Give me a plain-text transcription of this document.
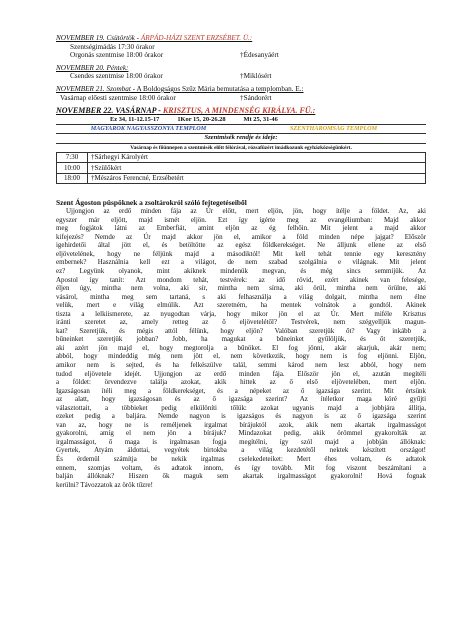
NOVEMBER 19. Csütörtök - ÁRPÁD-HÁZI SZENT ERZSÉBET. Ü.:
Szentségimádás 17:30 órakor
Orgonás szentmise 18:00 órakor	†Édesanyáért
NOVEMBER 20. Péntek:
Csendes szentmise 18:00 órakor	†Miklósért
NOVEMBER 21. Szombat - A Boldogságos Szűz Mária bemutatása a templomban. E.:
Vasárnap előesti szentmise 18:00 órakor	†Sándorért
NOVEMBER 22. VASÁRNAP - KRISZTUS, A MINDENSÉG KIRÁLYA. FÜ.:
Ez 34, 11-12.15-17	1Kor 15, 20-26.28	Mt 25, 31-46
MAGYAROK NAGYASSZONYA TEMPLOM	SZENTHÁROMSÁG TEMPLOM
Szentmisék rendje és ideje:
Vasárnap és főünnepen a szentmisék előtt félórával, rózsafüzért imádkozunk egyházközségünkért.
7:30	†Sárhegyi Károlyért
10:00	†Szülőkért
18:00	†Mészáros Ferencné, Erzsébetért
Szent Ágoston püspöknek a zsoltárokról szóló fejtegetéseiből
Ujjongjon az erdő minden fája az Úr előtt, mert eljön, jön, hogy ítélje a földet. Az, aki
egyszer már eljött, majd ismét eljön. Ezt így ígérte meg az evangéliumban: Majd akkor
meg fogjátok látni az Emberfiát, amint eljön az ég felhőin. Mit jelent a majd akkor
kifejezés? Nemde az Úr majd akkor jön el, amikor a föld minden népe jajgat? Először
igehirdetői által jött el, és betöltötte az egész földkerekséget. Ne álljunk ellene az első
eljövetelének, hogy ne féljünk majd a másodiktól! Mit kell tehát tennie egy keresztény
embernek? Használnia kell ezt a világot, de nem szabad szolgálnia e világnak. Mit jelent
ez? Legyünk olyanok, mint akiknek mindenük megvan, és még sincs semmijük. Az
Apostol így tanít: Azt mondom tehát, testvérek: az idő rövid, ezért akinek van felesége,
éljen úgy, mintha nem volna, aki sír, mintha nem sírna, aki örül, mintha nem örülne, aki
vásárol, mintha meg sem tartaná, s aki felhasználja a világ dolgait, mintha nem élne
velük, mert e világ elmúlik. Azt szeretném, ha mentek volnátok a gondtól. Akinek
tiszta a lelkiismerete, az nyugodtan várja, hogy mikor jön el az Úr. Mert miféle Krisztus
iránti szeretet az, amely retteg az ő eljövetelétől? Testvérek, nem szégyelljük magun-
kat? Szeretjük, és mégis attól félünk, hogy eljön? Valóban szeretjük őt? Vagy inkább a
bűneinket szeretjük jobban? Jobb, ha magukat a bűneinket gyűlöljük, és őt szeretjük,
aki azért jön majd el, hogy megtorolja a bűnöket. El fog jönni, akár akarjuk, akár nem;
abból, hogy mindeddig még nem jött el, nem következik, hogy nem is fog eljönni. Eljön,
amikor nem is sejted, és ha felkészülve talál, semmi károd nem lesz abból, hogy nem
tudod eljövetele idejét. Ujjongjon az erdő minden fája. Először jön el, azután megítéli
a földet: örvendezve találja azokat, akik hittek az ő első eljövetelében, mert eljön.
Igazságosan ítéli meg a földkerekséget, és a népeket az ő igazsága szerint. Mit értsünk
az alatt, hogy igazságosan és az ő igazsága szerint? Az ítéletkor maga köré gyűjti
választottait, a többieket pedig elkülöníti tőlük: azokat ugyanis majd a jobbjára állítja,
ezeket pedig a baljára. Nemde nagyon is igazságos és nagyon is az ő igazsága szerint
van az, hogy ne is reméljenek irgalmat bírájuktól azok, akik nem akartak irgalmasságot
gyakorolni, amíg el nem jön a bírájuk? Mindazokat pedig, akik örömmel gyakorolták az
irgalmasságot, ő maga is irgalmasan fogja megítélni, így szól majd a jobbján állóknak:
Gyertek, Atyám áldottai, vegyétek birtokba a világ kezdetétől nektek készített országot!
És érdemül számítja be nekik irgalmas cselekedeteiket: Mert éhes voltam, és adtatok
ennem, szomjas voltam, és adtatok innom, és így tovább. Mit fog viszont beszámítani a
balján állóknak? Hiszen ők maguk sem akartak irgalmasságot gyakorolni! Hová fognak
kerülni? Távozzatok az örök tűzre!
